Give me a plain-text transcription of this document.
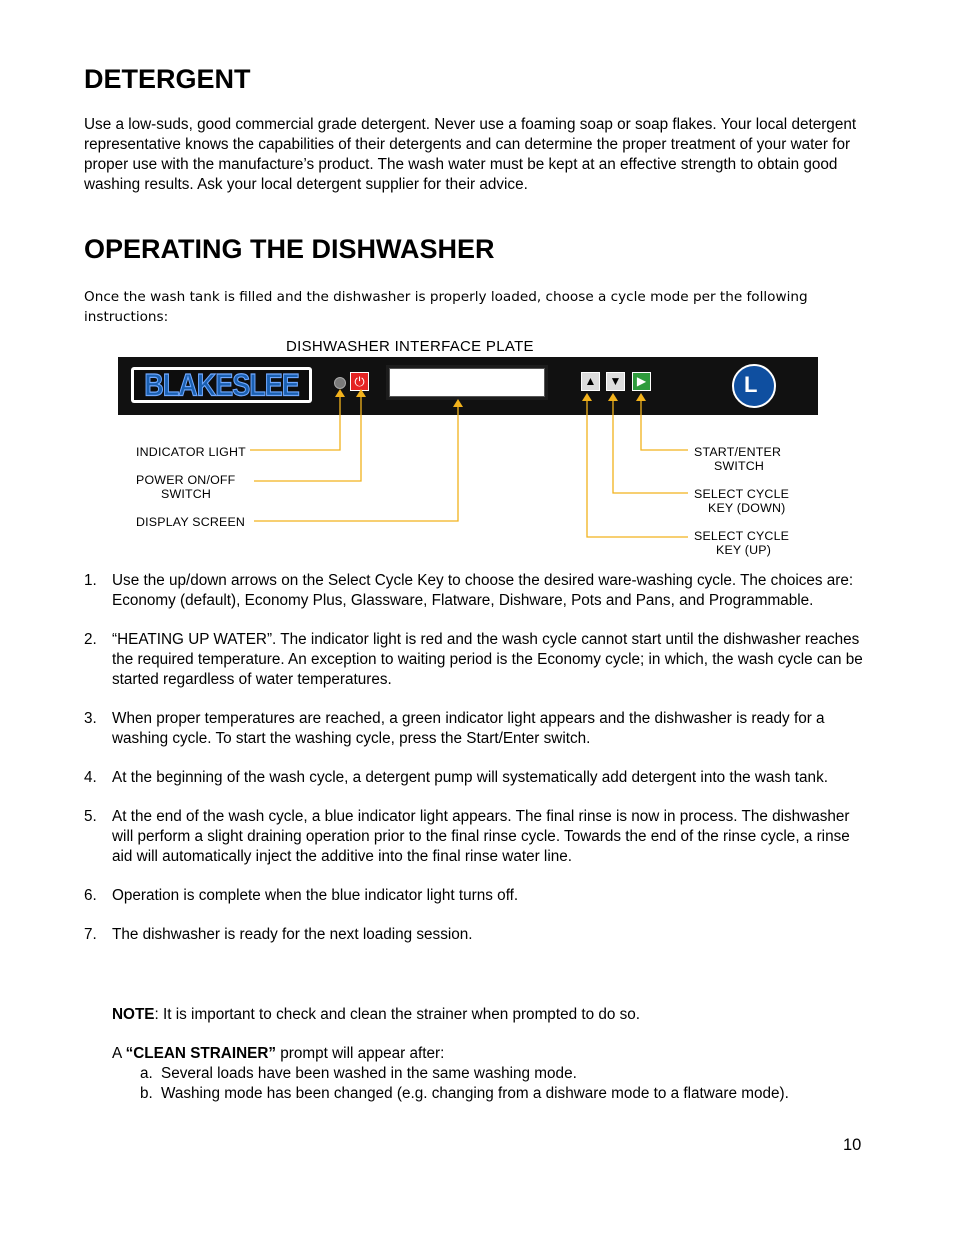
DETERGENT
Use a low-suds, good commercial grade detergent. Never use a foaming soap or soap flakes. Your local detergent representative knows the capabilities of their detergents and can determine the proper treatment of your water for proper use with the manufacture’s product. The wash water must be kept at an effective strength to obtain good washing results. Ask your local detergent supplier for their advice.
OPERATING THE DISHWASHER
Once the wash tank is filled and the dishwasher is properly loaded, choose a cycle mode per the following instructions:
DISHWASHER INTERFACE PLATE
BLAKESLEE	⏻	▲ ▼	▶	L
INDICATOR LIGHT
POWER ON/OFF
SWITCH
DISPLAY SCREEN
START/ENTER
SWITCH
SELECT CYCLE
KEY (DOWN)
SELECT CYCLE
KEY (UP)
1. Use the up/down arrows on the Select Cycle Key to choose the desired ware-washing cycle. The choices are: Economy (default), Economy Plus, Glassware, Flatware, Dishware, Pots and Pans, and Programmable.
2. “HEATING UP WATER”. The indicator light is red and the wash cycle cannot start until the dishwasher reaches the required temperature. An exception to waiting period is the Economy cycle; in which, the wash cycle can be started regardless of water temperatures.
3. When proper temperatures are reached, a green indicator light appears and the dishwasher is ready for a washing cycle. To start the washing cycle, press the Start/Enter switch.
4. At the beginning of the wash cycle, a detergent pump will systematically add detergent into the wash tank.
5. At the end of the wash cycle, a blue indicator light appears. The final rinse is now in process. The dishwasher will perform a slight draining operation prior to the final rinse cycle. Towards the end of the rinse cycle, a rinse aid will automatically inject the additive into the final rinse water line.
6. Operation is complete when the blue indicator light turns off.
7. The dishwasher is ready for the next loading session.
NOTE: It is important to check and clean the strainer when prompted to do so.
A “CLEAN STRAINER” prompt will appear after:
a. Several loads have been washed in the same washing mode.
b. Washing mode has been changed (e.g. changing from a dishware mode to a flatware mode).
10
